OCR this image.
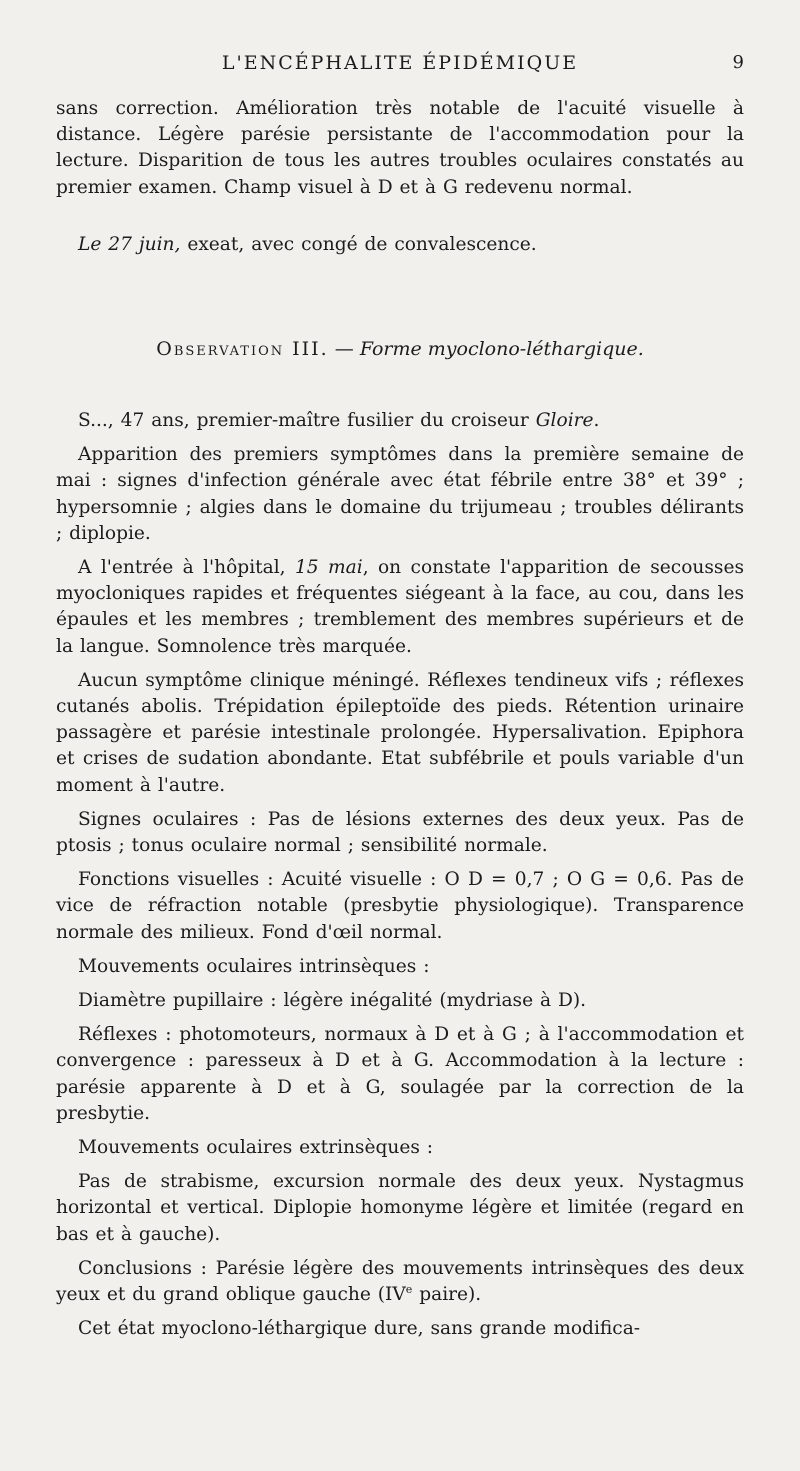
L'ENCÉPHALITE ÉPIDÉMIQUE	9

sans correction. Amélioration très notable de l'acuité visuelle à distance. Légère parésie persistante de l'accommodation pour la lecture. Disparition de tous les autres troubles oculaires constatés au premier examen. Champ visuel à D et à G redevenu normal.

Le 27 juin, exeat, avec congé de convalescence.

Observation III. — Forme myoclono-léthargique.

S..., 47 ans, premier-maître fusilier du croiseur Gloire.

Apparition des premiers symptômes dans la première semaine de mai : signes d'infection générale avec état fébrile entre 38° et 39° ; hypersomnie ; algies dans le domaine du trijumeau ; troubles délirants ; diplopie.

A l'entrée à l'hôpital, 15 mai, on constate l'apparition de secousses myocloniques rapides et fréquentes siégeant à la face, au cou, dans les épaules et les membres ; tremblement des membres supérieurs et de la langue. Somnolence très marquée.

Aucun symptôme clinique méningé. Réflexes tendineux vifs ; réflexes cutanés abolis. Trépidation épileptoïde des pieds. Rétention urinaire passagère et parésie intestinale prolongée. Hypersalivation. Epiphora et crises de sudation abondante. Etat subfébrile et pouls variable d'un moment à l'autre.

Signes oculaires : Pas de lésions externes des deux yeux. Pas de ptosis ; tonus oculaire normal ; sensibilité normale.

Fonctions visuelles : Acuité visuelle : O D = 0,7 ; O G = 0,6. Pas de vice de réfraction notable (presbytie physiologique). Transparence normale des milieux. Fond d'œil normal.

Mouvements oculaires intrinsèques :

Diamètre pupillaire : légère inégalité (mydriase à D).

Réflexes : photomoteurs, normaux à D et à G ; à l'accommodation et convergence : paresseux à D et à G. Accommodation à la lecture : parésie apparente à D et à G, soulagée par la correction de la presbytie.

Mouvements oculaires extrinsèques :

Pas de strabisme, excursion normale des deux yeux. Nystagmus horizontal et vertical. Diplopie homonyme légère et limitée (regard en bas et à gauche).

Conclusions : Parésie légère des mouvements intrinsèques des deux yeux et du grand oblique gauche (IVe paire).

Cet état myoclono-léthargique dure, sans grande modifica-
